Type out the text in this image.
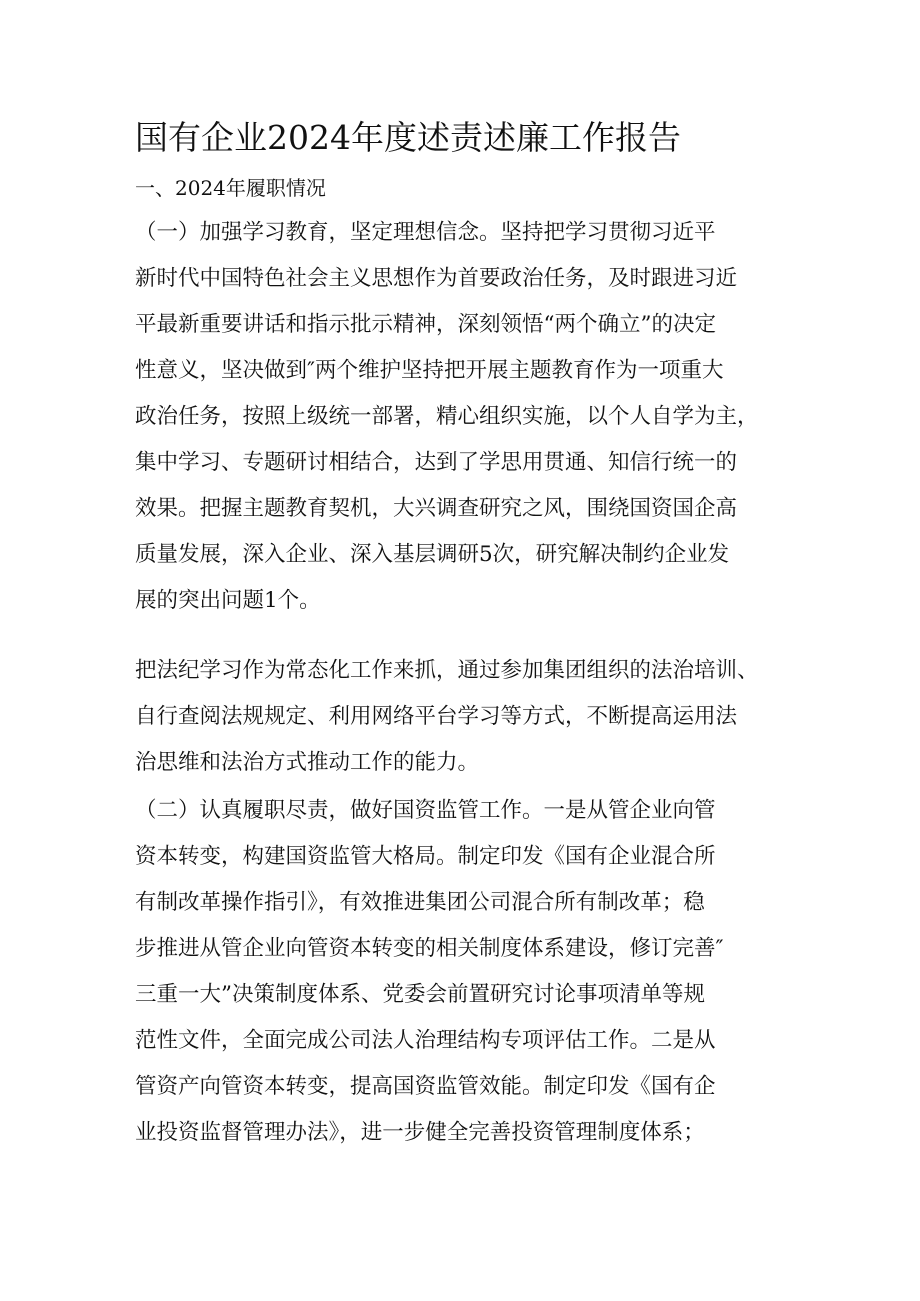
国有企业2024年度述责述廉工作报告
一、2024年履职情况

（一）加强学习教育，坚定理想信念。坚持把学习贯彻习近平
新时代中国特色社会主义思想作为首要政治任务，及时跟进习近
平最新重要讲话和指示批示精神，深刻领悟“两个确立”的决定
性意义，坚决做到″两个维护坚持把开展主题教育作为一项重大
政治任务，按照上级统一部署，精心组织实施，以个人自学为主，
集中学习、专题研讨相结合，达到了学思用贯通、知信行统一的
效果。把握主题教育契机，大兴调查研究之风，围绕国资国企高
质量发展，深入企业、深入基层调研5次，研究解决制约企业发
展的突出问题1个。

把法纪学习作为常态化工作来抓，通过参加集团组织的法治培训、
自行查阅法规规定、利用网络平台学习等方式，不断提高运用法
治思维和法治方式推动工作的能力。

（二）认真履职尽责，做好国资监管工作。一是从管企业向管
资本转变，构建国资监管大格局。制定印发《国有企业混合所
有制改革操作指引》，有效推进集团公司混合所有制改革；稳
步推进从管企业向管资本转变的相关制度体系建设，修订完善″
三重一大”决策制度体系、党委会前置研究讨论事项清单等规
范性文件，全面完成公司法人治理结构专项评估工作。二是从
管资产向管资本转变，提高国资监管效能。制定印发《国有企
业投资监督管理办法》，进一步健全完善投资管理制度体系；
